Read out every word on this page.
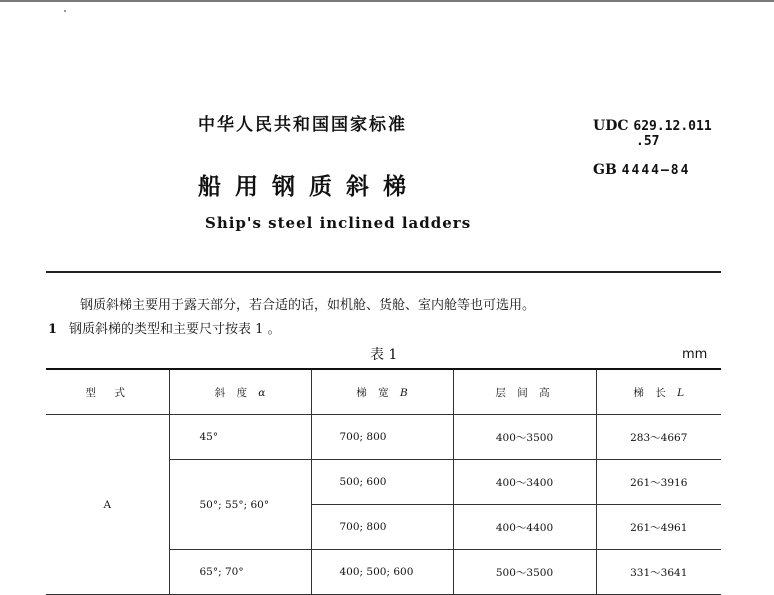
中华人民共和国国家标准
船用钢质斜梯
Ship's steel inclined ladders
UDC 629.12.011
.57
GB 4444—84
钢质斜梯主要用于露天部分，若合适的话，如机舱、货舱、室内舱等也可选用。
1 钢质斜梯的类型和主要尺寸按表 1 。
表 1	mm
型　式	斜 度 α	梯 宽 B	层 间 高	梯 长 L
A	45°	700; 800	400～3500	283～4667
	50°; 55°; 60°	500; 600	400～3400	261～3916
		700; 800	400～4400	261～4961
	65°; 70°	400; 500; 600	500～3500	331～3641
